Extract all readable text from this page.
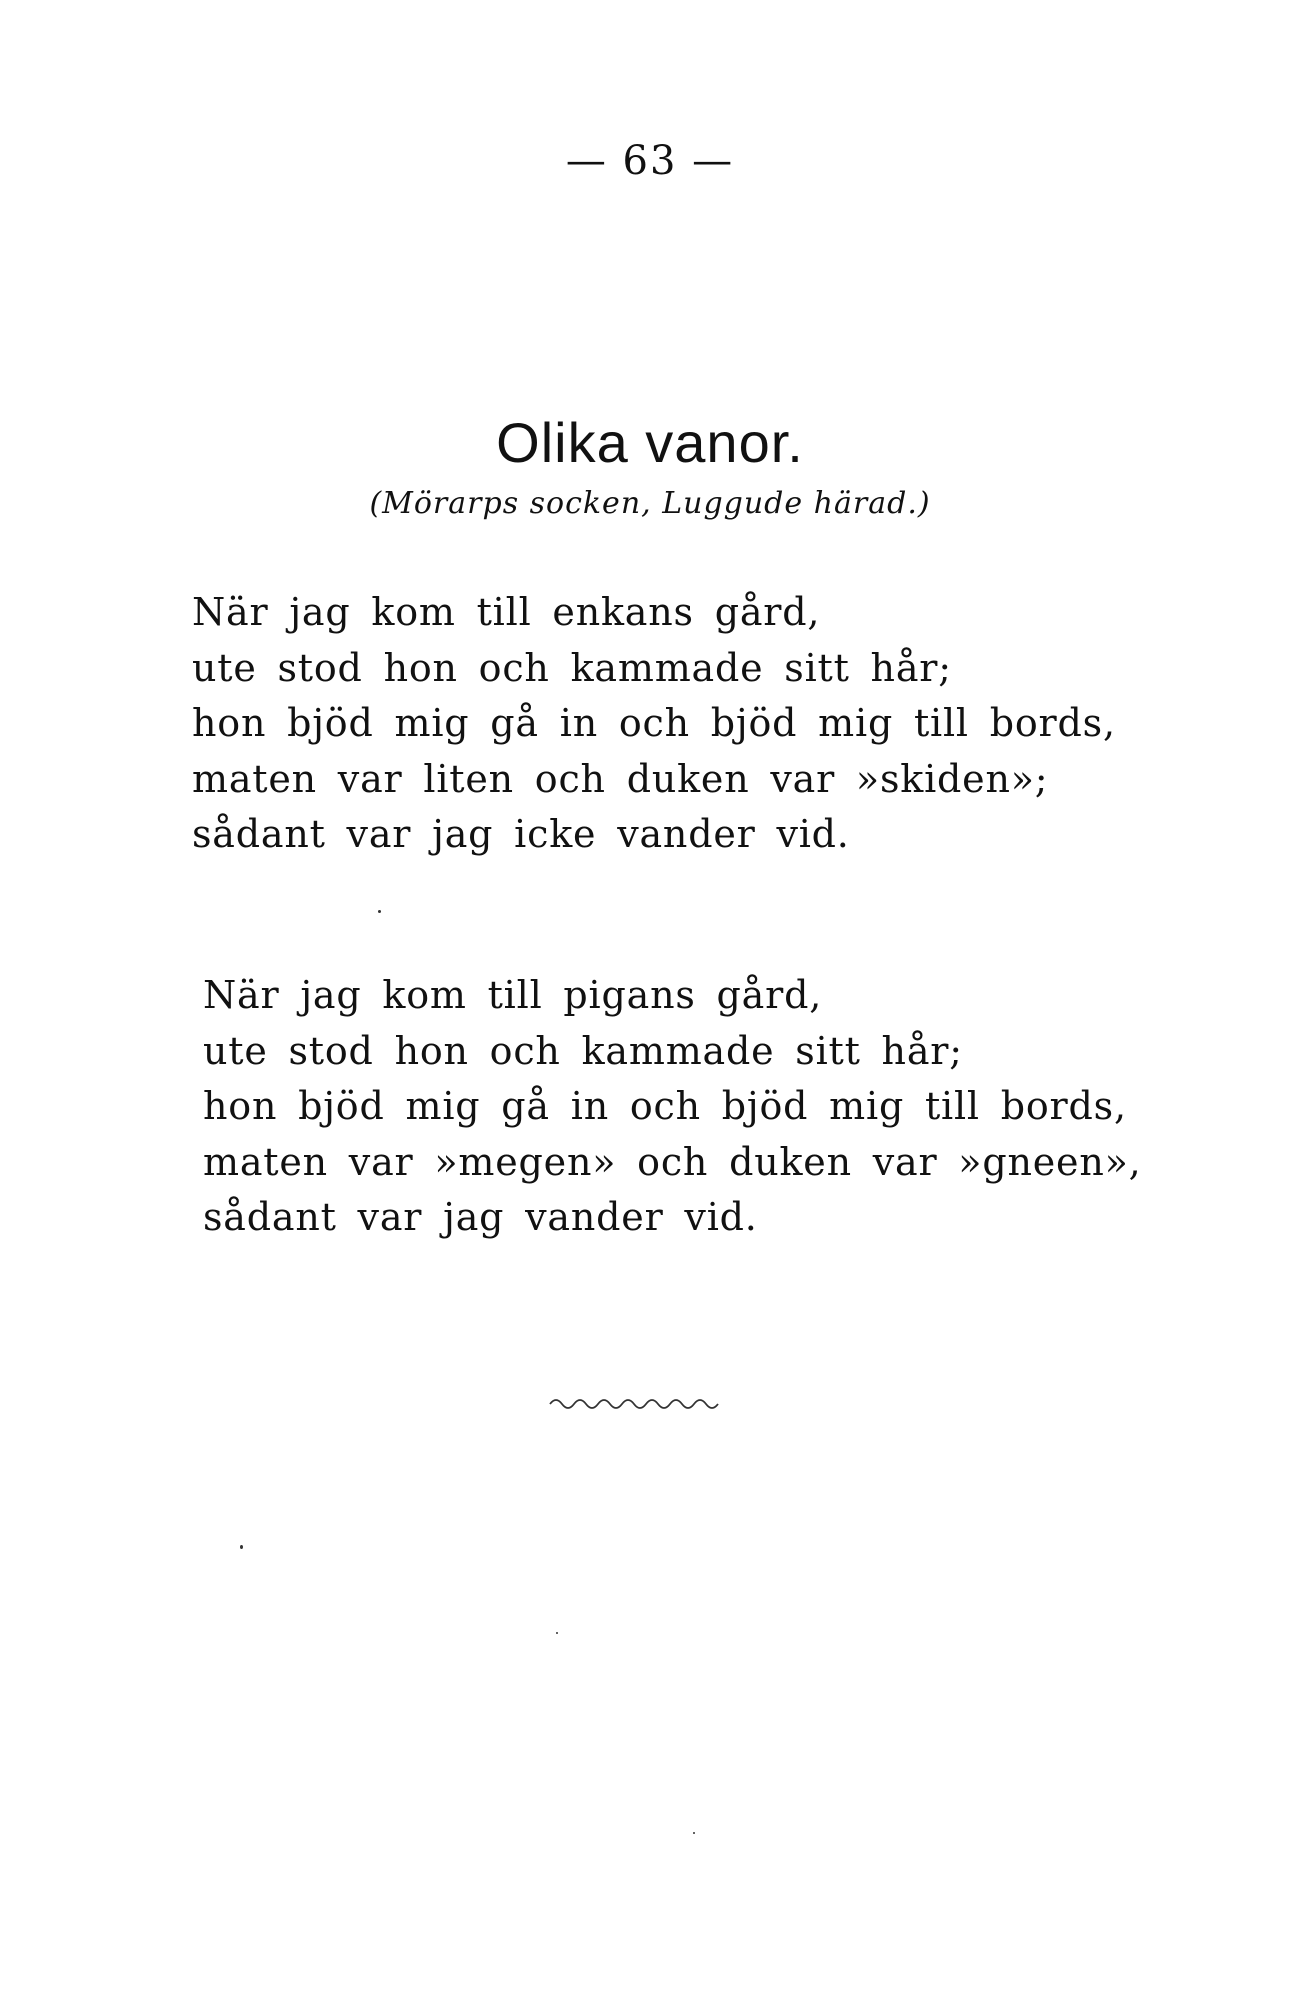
— 63 —
Olika vanor.
(Mörarps socken, Luggude härad.)
När jag kom till enkans gård,
ute stod hon och kammade sitt hår;
hon bjöd mig gå in och bjöd mig till bords,
maten var liten och duken var »skiden»;
sådant var jag icke vander vid.
När jag kom till pigans gård,
ute stod hon och kammade sitt hår;
hon bjöd mig gå in och bjöd mig till bords,
maten var »megen» och duken var »gneen»,
sådant var jag vander vid.
